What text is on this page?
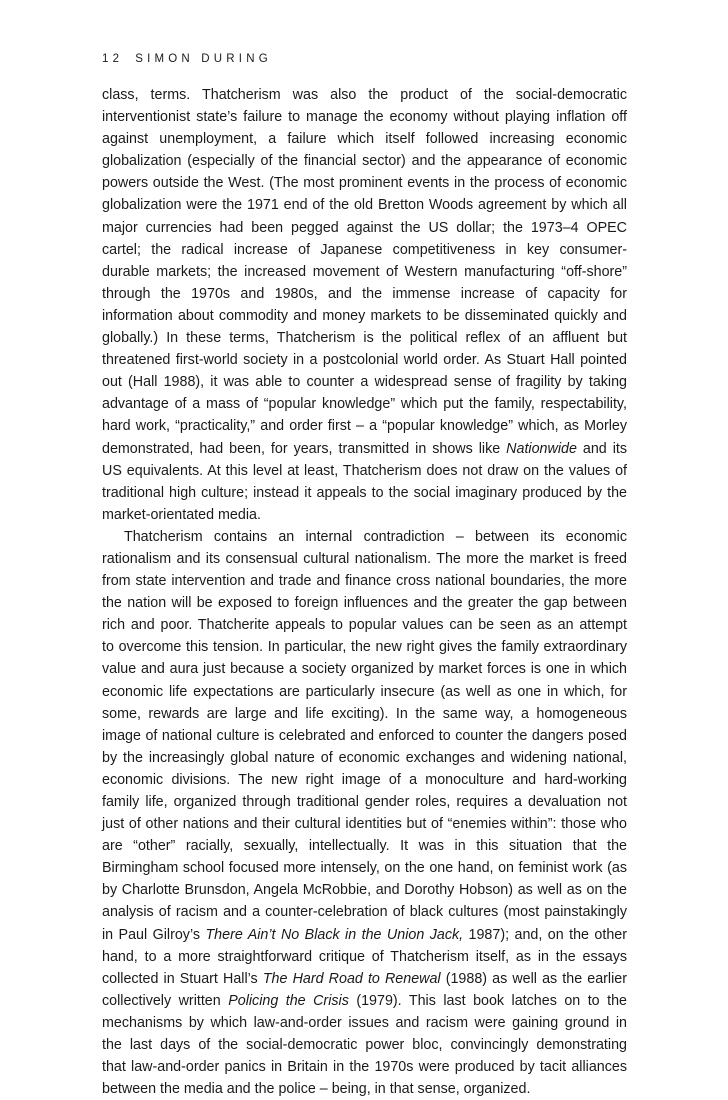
12 SIMON DURING
class, terms. Thatcherism was also the product of the social-democratic
interventionist state’s failure to manage the economy without playing inflation off
against unemployment, a failure which itself followed increasing economic
globalization (especially of the financial sector) and the appearance of economic
powers outside the West. (The most prominent events in the process of economic
globalization were the 1971 end of the old Bretton Woods agreement by which all
major currencies had been pegged against the US dollar; the 1973–4 OPEC
cartel; the radical increase of Japanese competitiveness in key consumer-
durable markets; the increased movement of Western manufacturing “off-shore”
through the 1970s and 1980s, and the immense increase of capacity for
information about commodity and money markets to be disseminated quickly and
globally.) In these terms, Thatcherism is the political reflex of an affluent but
threatened first-world society in a postcolonial world order. As Stuart Hall pointed
out (Hall 1988), it was able to counter a widespread sense of fragility by taking
advantage of a mass of “popular knowledge” which put the family, respectability,
hard work, “practicality,” and order first – a “popular knowledge” which, as Morley
demonstrated, had been, for years, transmitted in shows like Nationwide and its
US equivalents. At this level at least, Thatcherism does not draw on the values of
traditional high culture; instead it appeals to the social imaginary produced by the
market-orientated media.
Thatcherism contains an internal contradiction – between its economic
rationalism and its consensual cultural nationalism. The more the market is freed
from state intervention and trade and finance cross national boundaries, the more
the nation will be exposed to foreign influences and the greater the gap between
rich and poor. Thatcherite appeals to popular values can be seen as an attempt
to overcome this tension. In particular, the new right gives the family extraordinary
value and aura just because a society organized by market forces is one in which
economic life expectations are particularly insecure (as well as one in which, for
some, rewards are large and life exciting). In the same way, a homogeneous
image of national culture is celebrated and enforced to counter the dangers posed
by the increasingly global nature of economic exchanges and widening national,
economic divisions. The new right image of a monoculture and hard-working
family life, organized through traditional gender roles, requires a devaluation not
just of other nations and their cultural identities but of “enemies within”: those who
are “other” racially, sexually, intellectually. It was in this situation that the
Birmingham school focused more intensely, on the one hand, on feminist work (as
by Charlotte Brunsdon, Angela McRobbie, and Dorothy Hobson) as well as on the
analysis of racism and a counter-celebration of black cultures (most painstakingly
in Paul Gilroy’s There Ain’t No Black in the Union Jack, 1987); and, on the other
hand, to a more straightforward critique of Thatcherism itself, as in the essays
collected in Stuart Hall’s The Hard Road to Renewal (1988) as well as the earlier
collectively written Policing the Crisis (1979). This last book latches on to the
mechanisms by which law-and-order issues and racism were gaining ground in
the last days of the social-democratic power bloc, convincingly demonstrating
that law-and-order panics in Britain in the 1970s were produced by tacit alliances
between the media and the police – being, in that sense, organized.
